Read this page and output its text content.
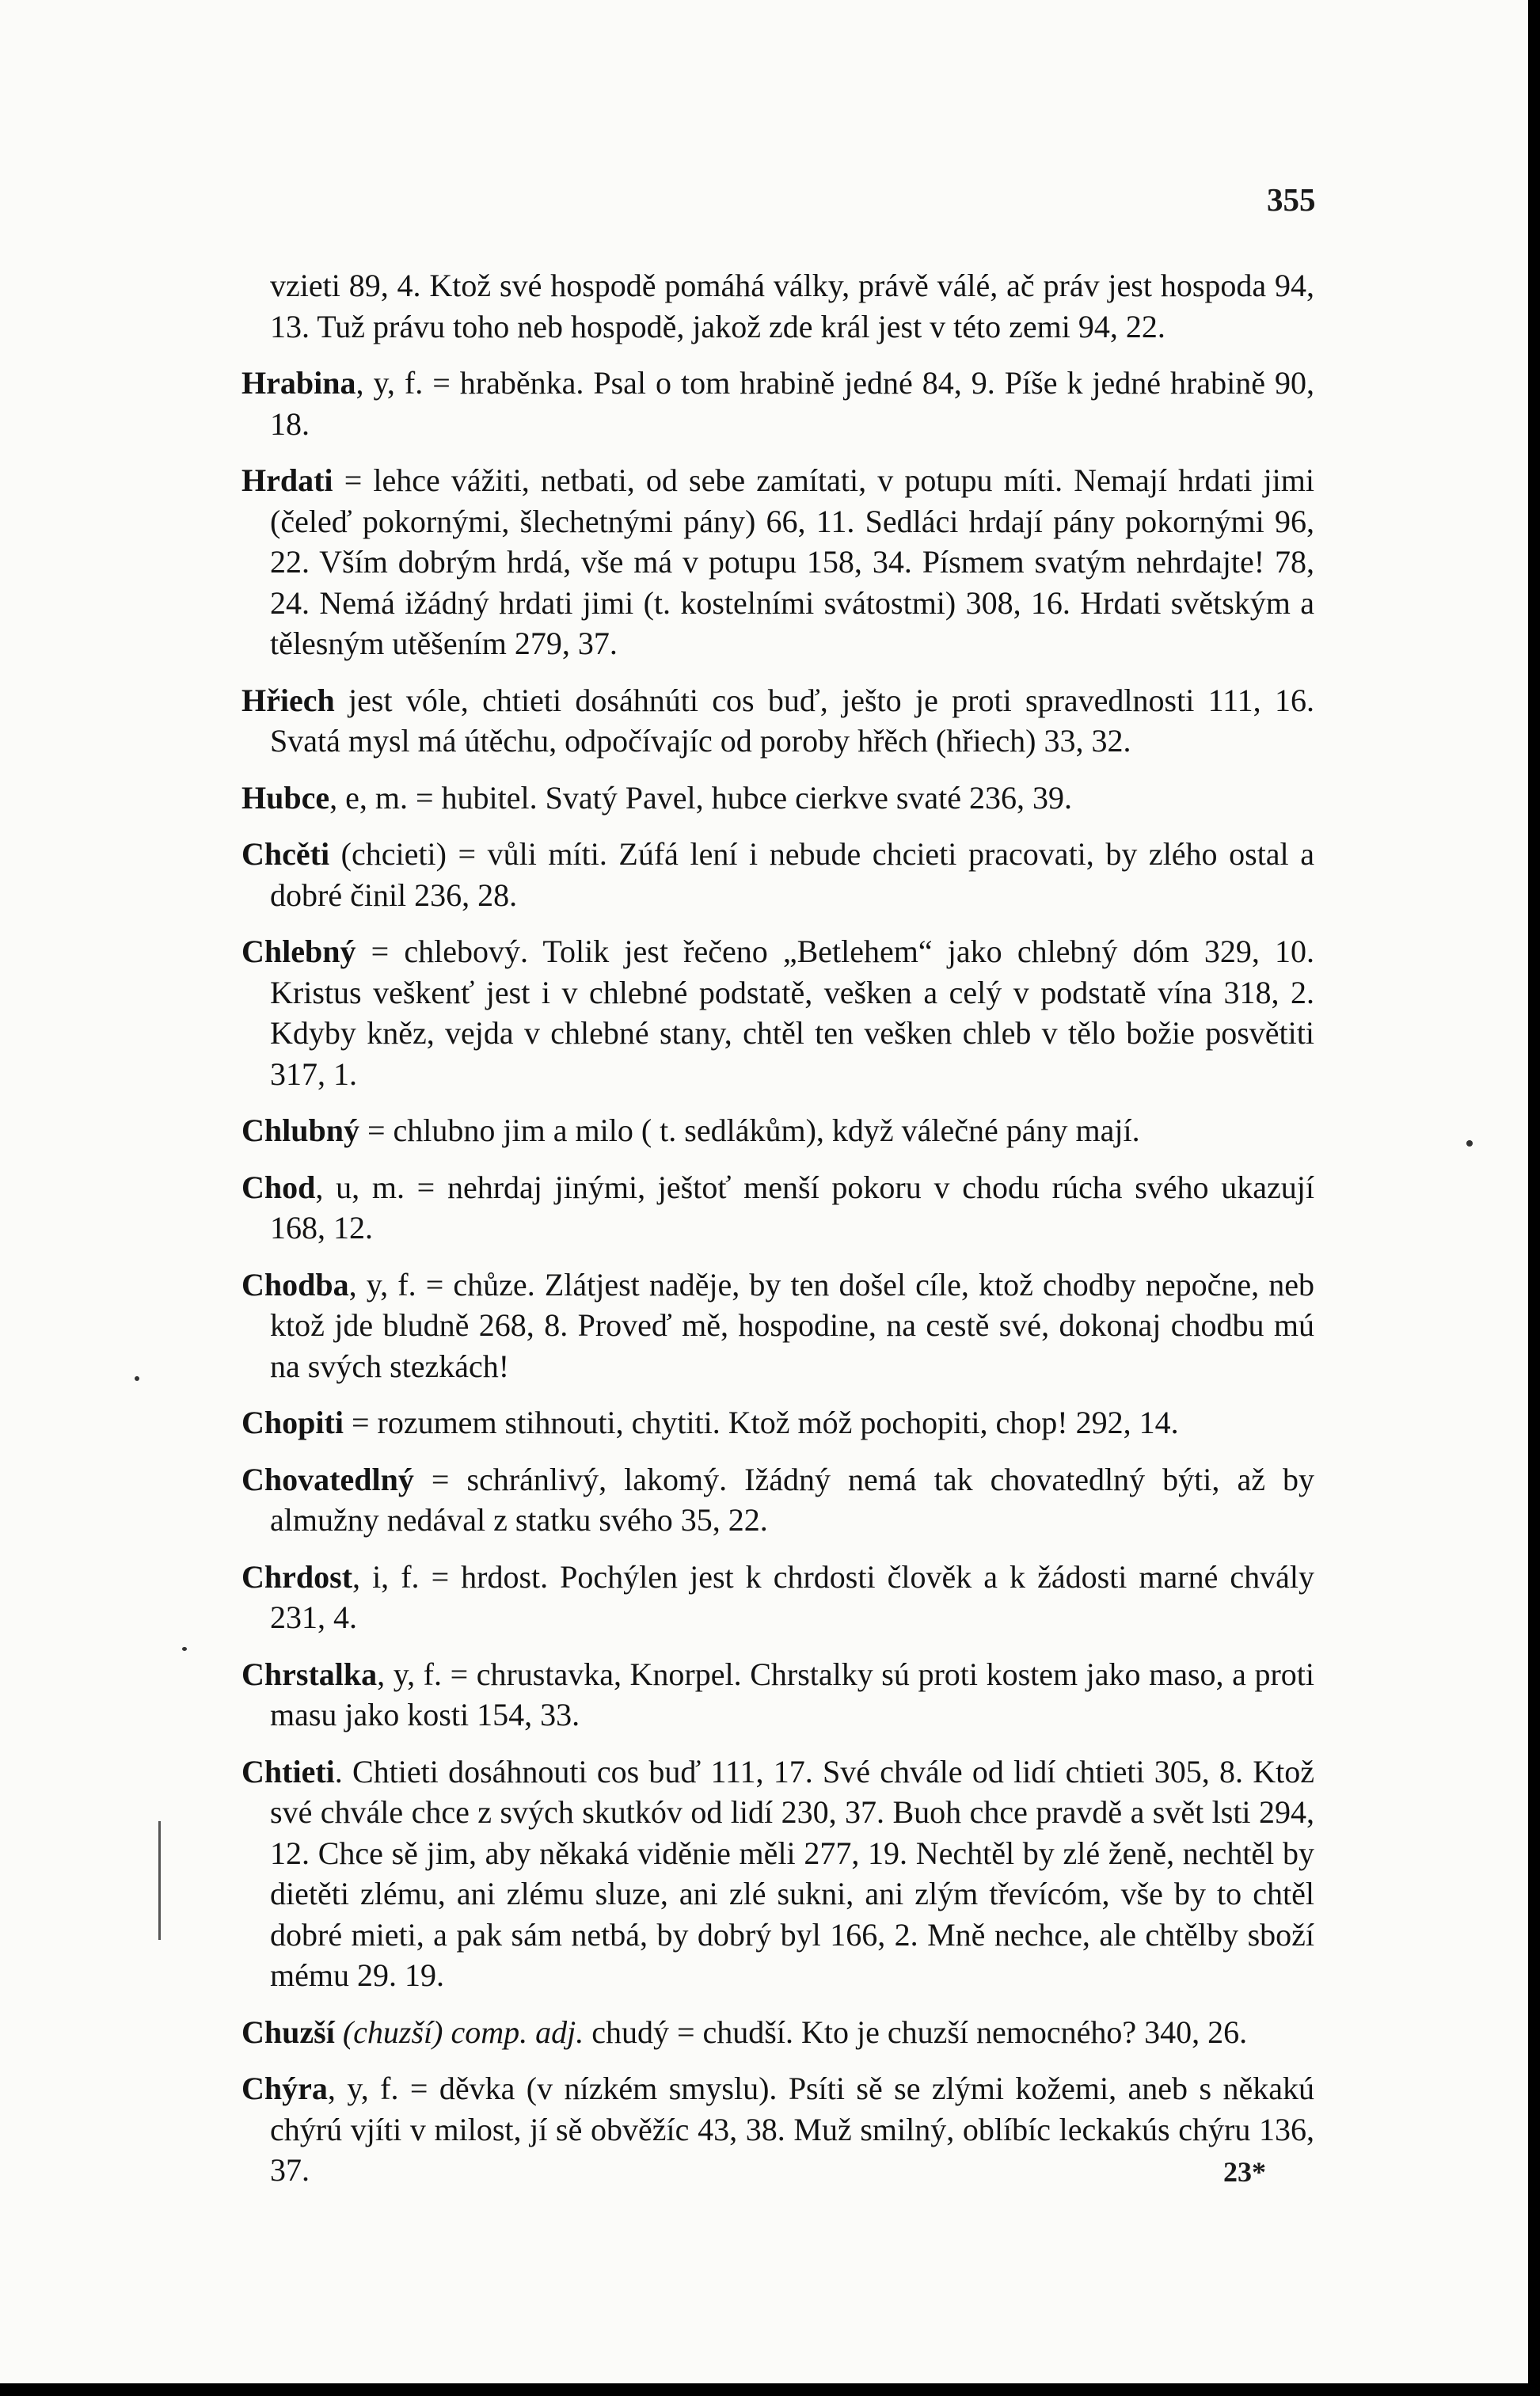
355

vzieti 89, 4. Ktož své hospodě pomáhá války, právě válé, ač práv jest hospoda 94, 13. Tuž právu toho neb hospodě, jakož zde král jest v této zemi 94, 22.

Hrabina, y, f. = hraběnka. Psal o tom hrabině jedné 84, 9. Píše k jedné hrabině 90, 18.

Hrdati = lehce vážiti, netbati, od sebe zamítati, v potupu míti. Nemají hrdati jimi (čeleď pokornými, šlechetnými pány) 66, 11. Sedláci hrdají pány pokornými 96, 22. Vším dobrým hrdá, vše má v potupu 158, 34. Písmem svatým nehrdajte! 78, 24. Nemá ižádný hrdati jimi (t. kostelními svátostmi) 308, 16. Hrdati světským a tělesným utěšením 279, 37.

Hřiech jest vóle, chtieti dosáhnúti cos buď, ješto je proti spravedlnosti 111, 16. Svatá mysl má útěchu, odpočívajíc od poroby hřěch (hřiech) 33, 32.

Hubce, e, m. = hubitel. Svatý Pavel, hubce cierkve svaté 236, 39.

Chcěti (chcieti) = vůli míti. Zúfá lení i nebude chcieti pracovati, by zlého ostal a dobré činil 236, 28.

Chlebný = chlebový. Tolik jest řečeno „Betlehem“ jako chlebný dóm 329, 10. Kristus veškenť jest i v chlebné podstatě, vešken a celý v podstatě vína 318, 2. Kdyby kněz, vejda v chlebné stany, chtěl ten vešken chleb v tělo božie posvětiti 317, 1.

Chlubný = chlubno jim a milo ( t. sedlákům), když válečné pány mají.

Chod, u, m. = nehrdaj jinými, ještoť menší pokoru v chodu rúcha svého ukazují 168, 12.

Chodba, y, f. = chůze. Zlátjest naděje, by ten došel cíle, ktož chodby nepočne, neb ktož jde bludně 268, 8. Proveď mě, hospodine, na cestě své, dokonaj chodbu mú na svých stezkách!

Chopiti = rozumem stihnouti, chytiti. Ktož móž pochopiti, chop! 292, 14.

Chovatedlný = schránlivý, lakomý. Ižádný nemá tak chovatedlný býti, až by almužny nedával z statku svého 35, 22.

Chrdost, i, f. = hrdost. Pochýlen jest k chrdosti člověk a k žádosti marné chvály 231, 4.

Chrstalka, y, f. = chrustavka, Knorpel. Chrstalky sú proti kostem jako maso, a proti masu jako kosti 154, 33.

Chtieti. Chtieti dosáhnouti cos buď 111, 17. Své chvále od lidí chtieti 305, 8. Ktož své chvále chce z svých skutkóv od lidí 230, 37. Buoh chce pravdě a svět lsti 294, 12. Chce sě jim, aby někaká viděnie měli 277, 19. Nechtěl by zlé ženě, nechtěl by dietěti zlému, ani zlému sluze, ani zlé sukni, ani zlým třevícóm, vše by to chtěl dobré mieti, a pak sám netbá, by dobrý byl 166, 2. Mně nechce, ale chtělby sboží mému 29. 19.

Chuzší (chuzší) comp. adj. chudý = chudší. Kto je chuzší nemocného? 340, 26.

Chýra, y, f. = děvka (v nízkém smyslu). Psíti sě se zlými kožemi, aneb s někakú chýrú vjíti v milost, jí sě obvěžíc 43, 38. Muž smilný, oblíbíc leckakús chýru 136, 37.	23*
